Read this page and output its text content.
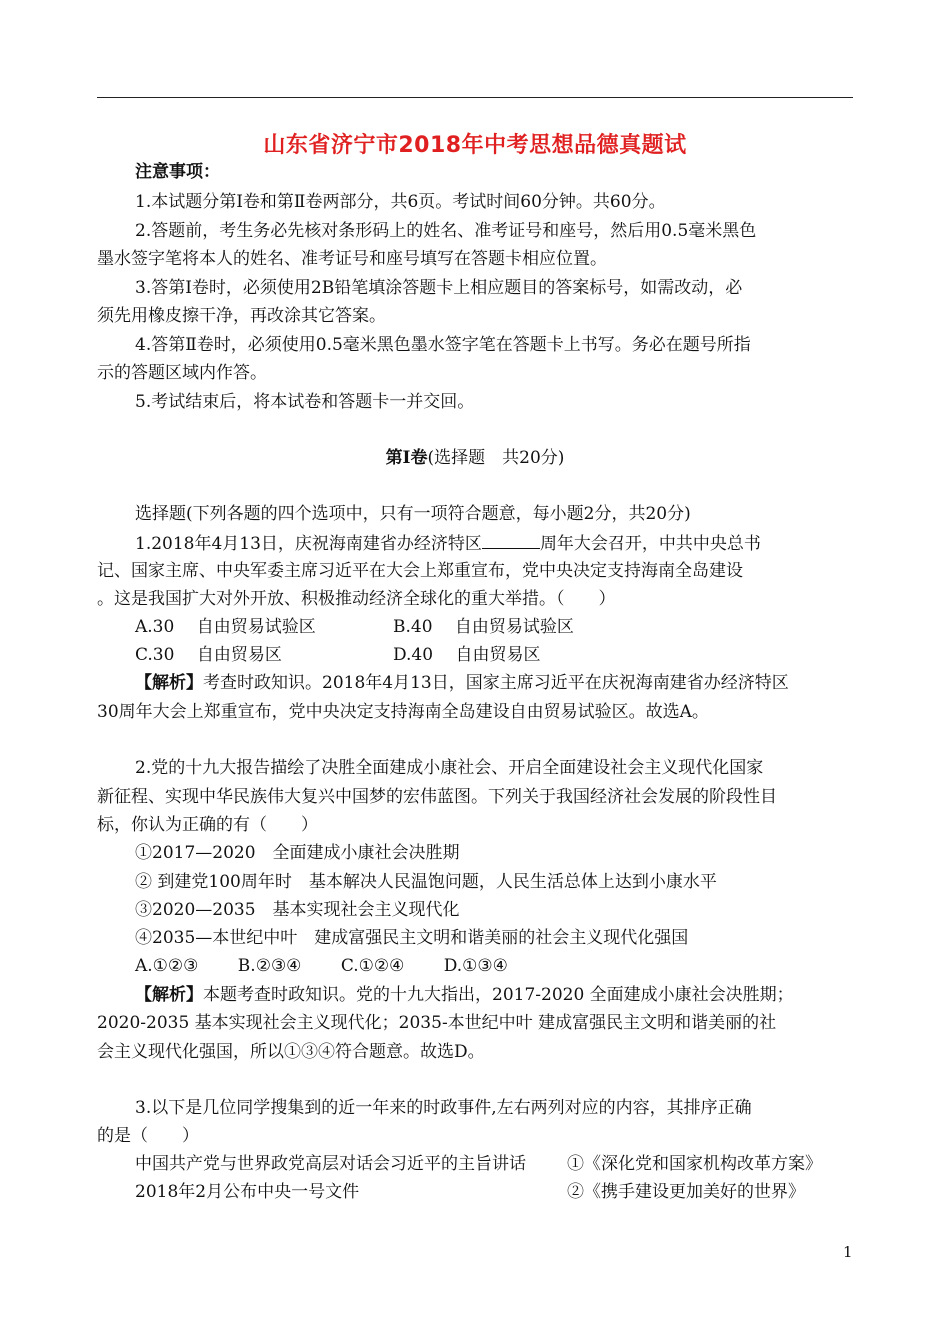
山东省济宁市2018年中考思想品德真题试
注意事项：
1.本试题分第Ⅰ卷和第Ⅱ卷两部分，共6页。考试时间60分钟。共60分。
2.答题前，考生务必先核对条形码上的姓名、准考证号和座号，然后用0.5毫米黑色
墨水签字笔将本人的姓名、准考证号和座号填写在答题卡相应位置。
3.答第Ⅰ卷时，必须使用2B铅笔填涂答题卡上相应题目的答案标号，如需改动，必
须先用橡皮擦干净，再改涂其它答案。
4.答第Ⅱ卷时，必须使用0.5毫米黑色墨水签字笔在答题卡上书写。务必在题号所指
示的答题区域内作答。
5.考试结束后，将本试卷和答题卡一并交回。
第Ⅰ卷(选择题　共20分)
选择题(下列各题的四个选项中，只有一项符合题意，每小题2分，共20分)
1.2018年4月13日，庆祝海南建省办经济特区	周年大会召开，中共中央总书
记、国家主席、中央军委主席习近平在大会上郑重宣布，党中央决定支持海南全岛建设
。这是我国扩大对外开放、积极推动经济全球化的重大举措。（　　）
A.30　 自由贸易试验区	B.40　 自由贸易试验区
C.30　 自由贸易区	D.40　 自由贸易区
【解析】考查时政知识。2018年4月13日，国家主席习近平在庆祝海南建省办经济特区
30周年大会上郑重宣布，党中央决定支持海南全岛建设自由贸易试验区。故选A。
2.党的十九大报告描绘了决胜全面建成小康社会、开启全面建设社会主义现代化国家
新征程、实现中华民族伟大复兴中国梦的宏伟蓝图。下列关于我国经济社会发展的阶段性目
标，你认为正确的有（　　）
①2017—2020　全面建成小康社会决胜期
② 到建党100周年时　基本解决人民温饱问题，人民生活总体上达到小康水平
③2020—2035　基本实现社会主义现代化
④2035—本世纪中叶　建成富强民主文明和谐美丽的社会主义现代化强国
A.①②③　　 B.②③④　　 C.①②④　　 D.①③④
【解析】本题考查时政知识。党的十九大指出，2017-2020 全面建成小康社会决胜期；
2020-2035 基本实现社会主义现代化；2035-本世纪中叶 建成富强民主文明和谐美丽的社
会主义现代化强国，所以①③④符合题意。故选D。
3.以下是几位同学搜集到的近一年来的时政事件,左右两列对应的内容，其排序正确
的是（　　）
中国共产党与世界政党高层对话会习近平的主旨讲话 ①《深化党和国家机构改革方案》
2018年2月公布中央一号文件	②《携手建设更加美好的世界》
1
